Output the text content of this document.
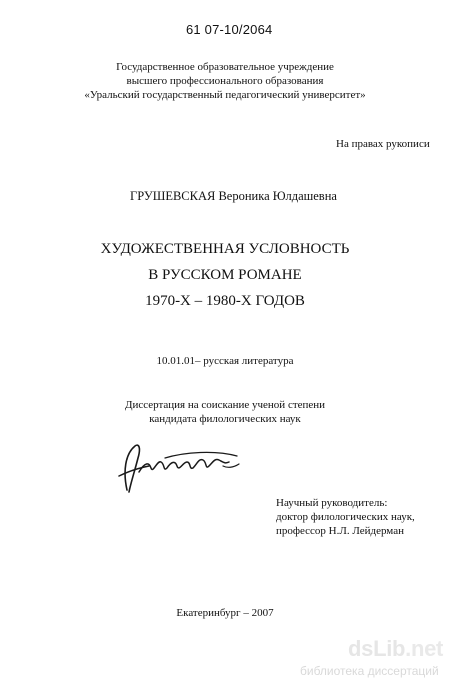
61 07-10/2064
Государственное образовательное учреждение
высшего профессионального образования
«Уральский государственный педагогический университет»
На правах рукописи
ГРУШЕВСКАЯ Вероника Юлдашевна
ХУДОЖЕСТВЕННАЯ УСЛОВНОСТЬ
В РУССКОМ РОМАНЕ
1970-Х – 1980-Х ГОДОВ
10.01.01– русская литература
Диссертация на соискание ученой степени
кандидата филологических наук
Научный руководитель:
доктор филологических наук,
профессор Н.Л. Лейдерман
Екатеринбург – 2007
dsLib.net
библиотека диссертаций
